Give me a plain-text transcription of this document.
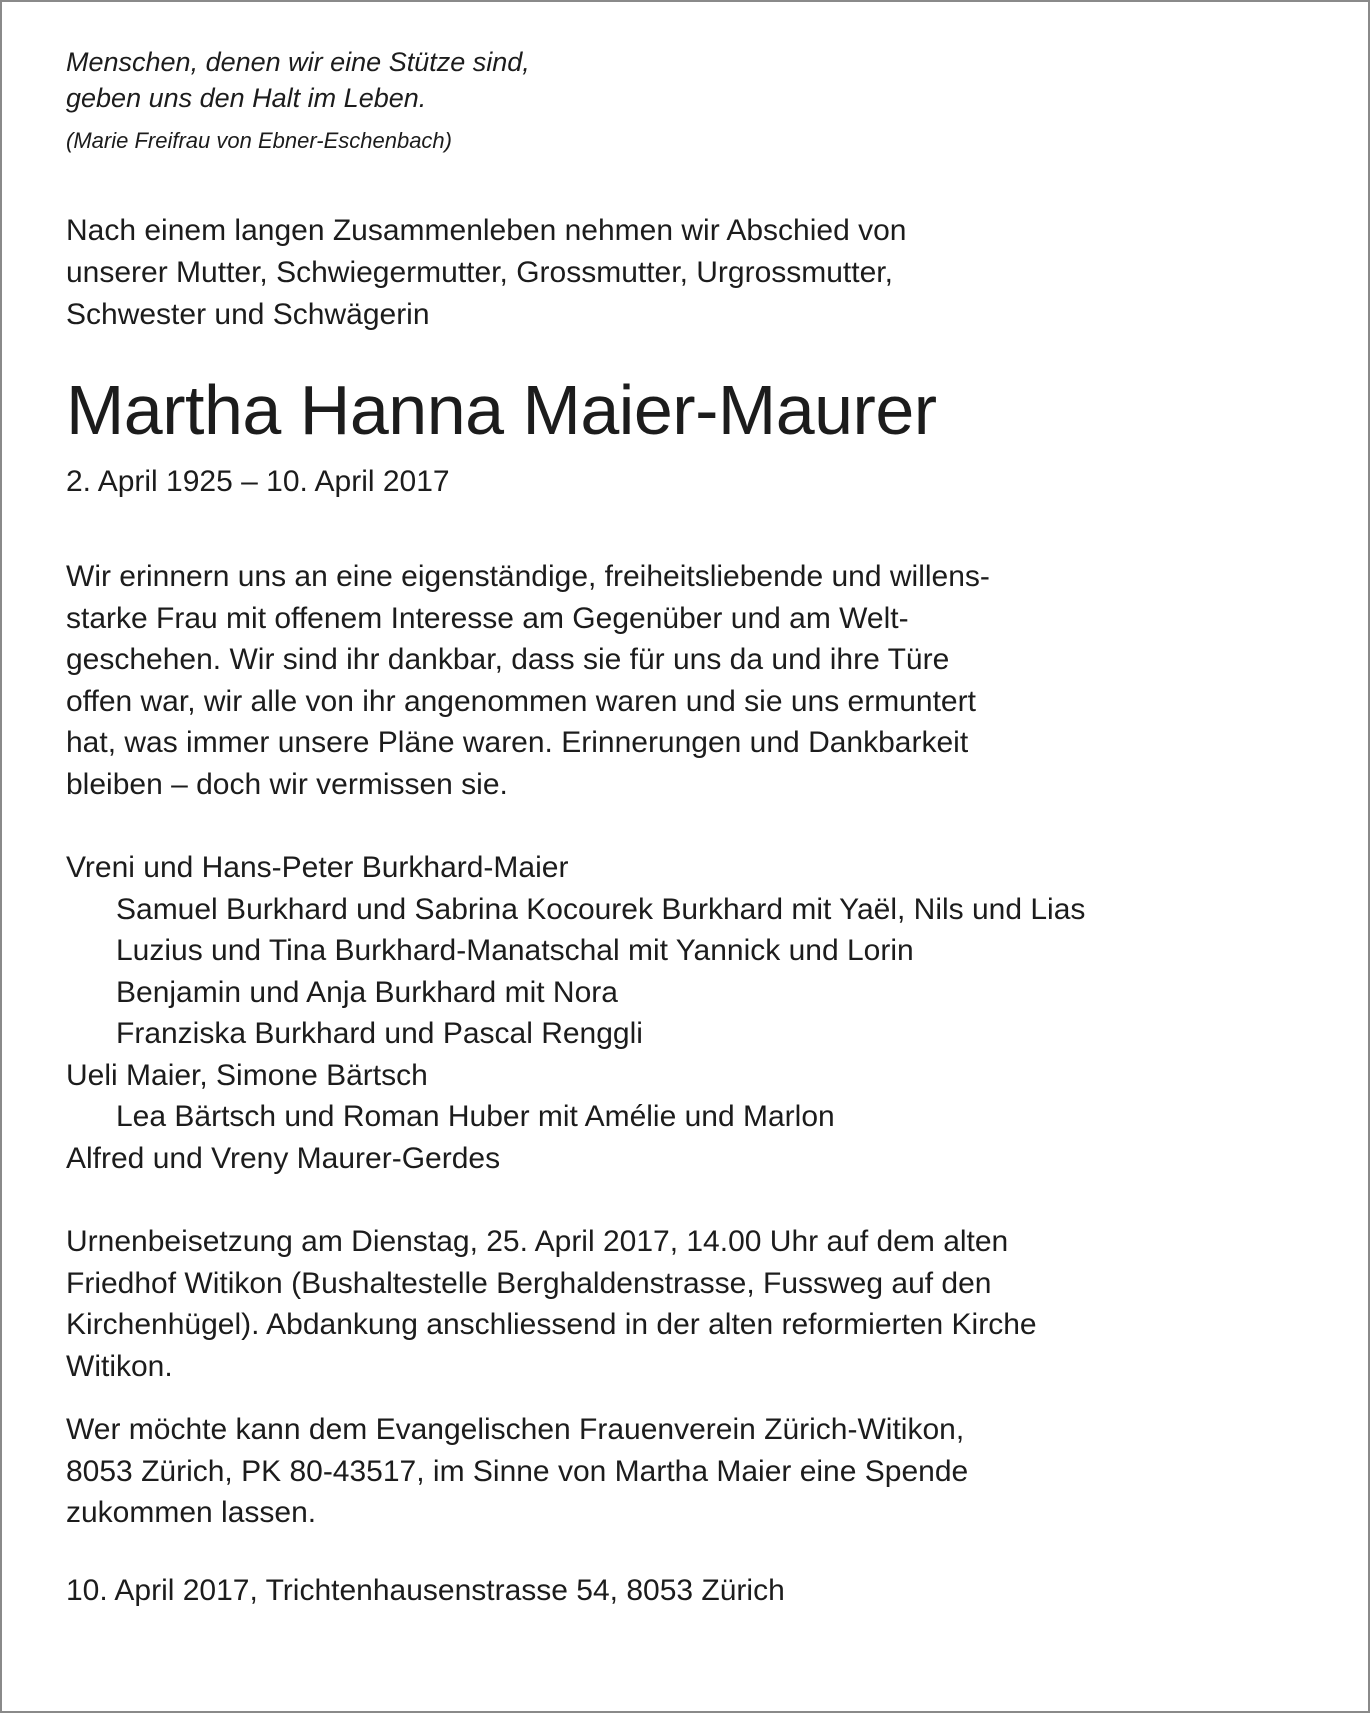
Menschen, denen wir eine Stütze sind,
geben uns den Halt im Leben.
(Marie Freifrau von Ebner-Eschenbach)
Nach einem langen Zusammenleben nehmen wir Abschied von
unserer Mutter, Schwiegermutter, Grossmutter, Urgrossmutter,
Schwester und Schwägerin
Martha Hanna Maier-Maurer
2. April 1925 – 10. April 2017
Wir erinnern uns an eine eigenständige, freiheitsliebende und willens-
starke Frau mit offenem Interesse am Gegenüber und am Welt-
geschehen. Wir sind ihr dankbar, dass sie für uns da und ihre Türe
offen war, wir alle von ihr angenommen waren und sie uns ermuntert
hat, was immer unsere Pläne waren. Erinnerungen und Dankbarkeit
bleiben – doch wir vermissen sie.
Vreni und Hans-Peter Burkhard-Maier
Samuel Burkhard und Sabrina Kocourek Burkhard mit Yaël, Nils und Lias
Luzius und Tina Burkhard-Manatschal mit Yannick und Lorin
Benjamin und Anja Burkhard mit Nora
Franziska Burkhard und Pascal Renggli
Ueli Maier, Simone Bärtsch
Lea Bärtsch und Roman Huber mit Amélie und Marlon
Alfred und Vreny Maurer-Gerdes
Urnenbeisetzung am Dienstag, 25. April 2017, 14.00 Uhr auf dem alten
Friedhof Witikon (Bushaltestelle Berghaldenstrasse, Fussweg auf den
Kirchenhügel). Abdankung anschliessend in der alten reformierten Kirche
Witikon.
Wer möchte kann dem Evangelischen Frauenverein Zürich-Witikon,
8053 Zürich, PK 80-43517, im Sinne von Martha Maier eine Spende
zukommen lassen.
10. April 2017, Trichtenhausenstrasse 54, 8053 Zürich
